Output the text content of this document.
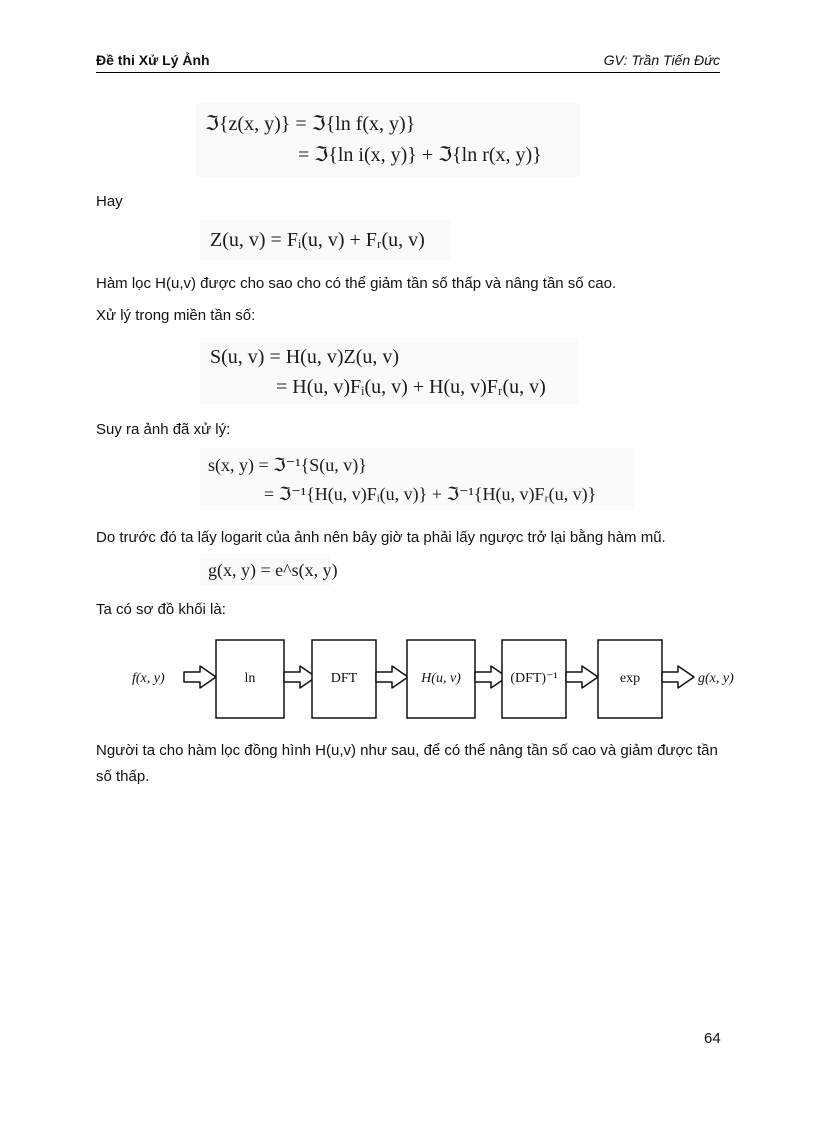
Đề thi Xử Lý Ảnh	GV: Trần Tiến Đức
ℑ{z(x, y)} = ℑ{ln f(x, y)}
= ℑ{ln i(x, y)} + ℑ{ln r(x, y)}

Hay

Z(u, v) = Fᵢ(u, v) + Fᵣ(u, v)

Hàm lọc H(u,v) được cho sao cho có thể giảm tần số thấp và nâng tần số cao.

Xử lý trong miền tần số:

S(u, v) = H(u, v)Z(u, v)
= H(u, v)Fᵢ(u, v) + H(u, v)Fᵣ(u, v)

Suy ra ảnh đã xử lý:

s(x, y) = ℑ⁻¹{S(u, v)}
= ℑ⁻¹{H(u, v)Fᵢ(u, v)} + ℑ⁻¹{H(u, v)Fᵣ(u, v)}

Do trước đó ta lấy logarit của ảnh nên bây giờ ta phải lấy ngược trở lại bằng hàm mũ.

g(x, y) = e^s(x, y)

Ta có sơ đồ khối là:

f(x, y)	ln	DFT	H(u, v)	(DFT)⁻¹	exp	g(x, y)

Người ta cho hàm lọc đồng hình H(u,v) như sau, để có thể nâng tần số cao và giảm được tần số thấp.

64
